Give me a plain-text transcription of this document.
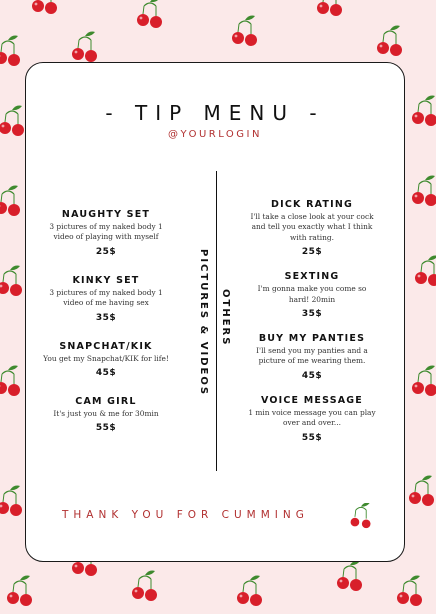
- TIP MENU -
@YOURLOGIN
NAUGHTY SET
3 pictures of my naked body 1 video of playing with myself
25$
KINKY SET
3 pictures of my naked body 1 video of me having sex
35$
SNAPCHAT/KIK
You get my Snapchat/KIK for life!
45$
CAM GIRL
It's just you & me for 30min
55$
PICTURES & VIDEOS OTHERS
DICK RATING
I'll take a close look at your cock and tell you exactly what I think with rating.
25$
SEXTING
I'm gonna make you come so hard! 20min
35$
BUY MY PANTIES
I'll send you my panties and a picture of me wearing them.
45$
VOICE MESSAGE
1 min voice message you can play over and over...
55$
THANK YOU FOR CUMMING
